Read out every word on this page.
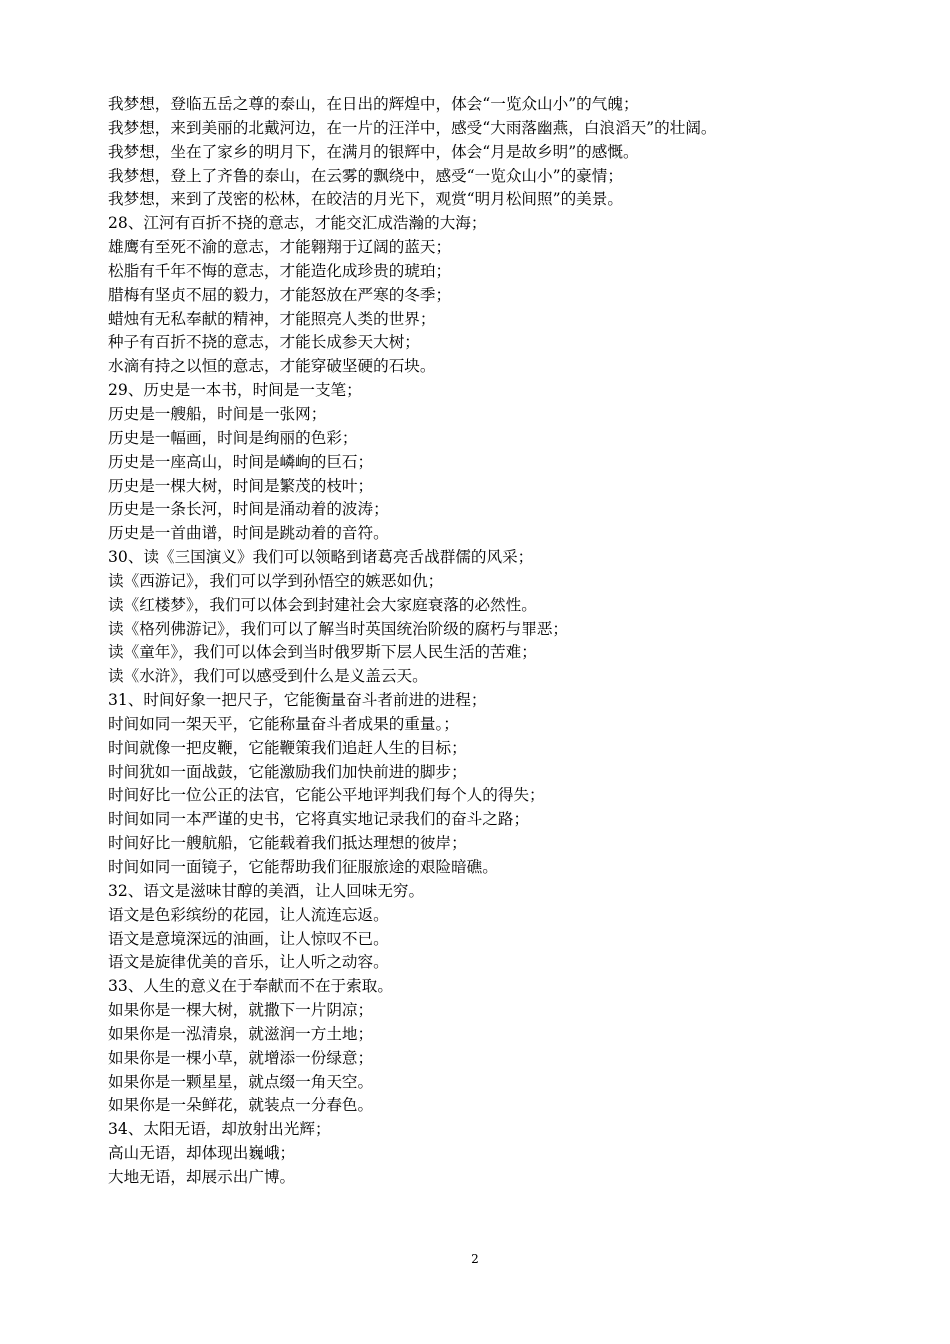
我梦想，登临五岳之尊的泰山，在日出的辉煌中，体会“一览众山小”的气魄；
我梦想，来到美丽的北戴河边，在一片的汪洋中，感受“大雨落幽燕，白浪滔天”的壮阔。
我梦想，坐在了家乡的明月下，在满月的银辉中，体会“月是故乡明”的感慨。
我梦想，登上了齐鲁的泰山，在云雾的飘绕中，感受“一览众山小”的豪情；
我梦想，来到了茂密的松林，在皎洁的月光下，观赏“明月松间照”的美景。
28、江河有百折不挠的意志，才能交汇成浩瀚的大海；
雄鹰有至死不渝的意志，才能翱翔于辽阔的蓝天；
松脂有千年不悔的意志，才能造化成珍贵的琥珀；
腊梅有坚贞不屈的毅力，才能怒放在严寒的冬季；
蜡烛有无私奉献的精神，才能照亮人类的世界；
种子有百折不挠的意志，才能长成参天大树；
水滴有持之以恒的意志，才能穿破坚硬的石块。
29、历史是一本书，时间是一支笔；
历史是一艘船，时间是一张网；
历史是一幅画，时间是绚丽的色彩；
历史是一座高山，时间是嶙峋的巨石；
历史是一棵大树，时间是繁茂的枝叶；
历史是一条长河，时间是涌动着的波涛；
历史是一首曲谱，时间是跳动着的音符。
30、读《三国演义》我们可以领略到诸葛亮舌战群儒的风采；
读《西游记》，我们可以学到孙悟空的嫉恶如仇；
读《红楼梦》，我们可以体会到封建社会大家庭衰落的必然性。
读《格列佛游记》，我们可以了解当时英国统治阶级的腐朽与罪恶；
读《童年》，我们可以体会到当时俄罗斯下层人民生活的苦难；
读《水浒》，我们可以感受到什么是义盖云天。
31、时间好象一把尺子，它能衡量奋斗者前进的进程；
时间如同一架天平，它能称量奋斗者成果的重量。；
时间就像一把皮鞭，它能鞭策我们追赶人生的目标；
时间犹如一面战鼓，它能激励我们加快前进的脚步；
时间好比一位公正的法官，它能公平地评判我们每个人的得失；
时间如同一本严谨的史书，它将真实地记录我们的奋斗之路；
时间好比一艘航船，它能载着我们抵达理想的彼岸；
时间如同一面镜子，它能帮助我们征服旅途的艰险暗礁。
32、语文是滋味甘醇的美酒，让人回味无穷。
语文是色彩缤纷的花园，让人流连忘返。
语文是意境深远的油画，让人惊叹不已。
语文是旋律优美的音乐，让人听之动容。
33、人生的意义在于奉献而不在于索取。
如果你是一棵大树，就撒下一片阴凉；
如果你是一泓清泉，就滋润一方土地；
如果你是一棵小草，就增添一份绿意；
如果你是一颗星星，就点缀一角天空。
如果你是一朵鲜花，就装点一分春色。
34、太阳无语，却放射出光辉；
高山无语，却体现出巍峨；
大地无语，却展示出广博。
2
